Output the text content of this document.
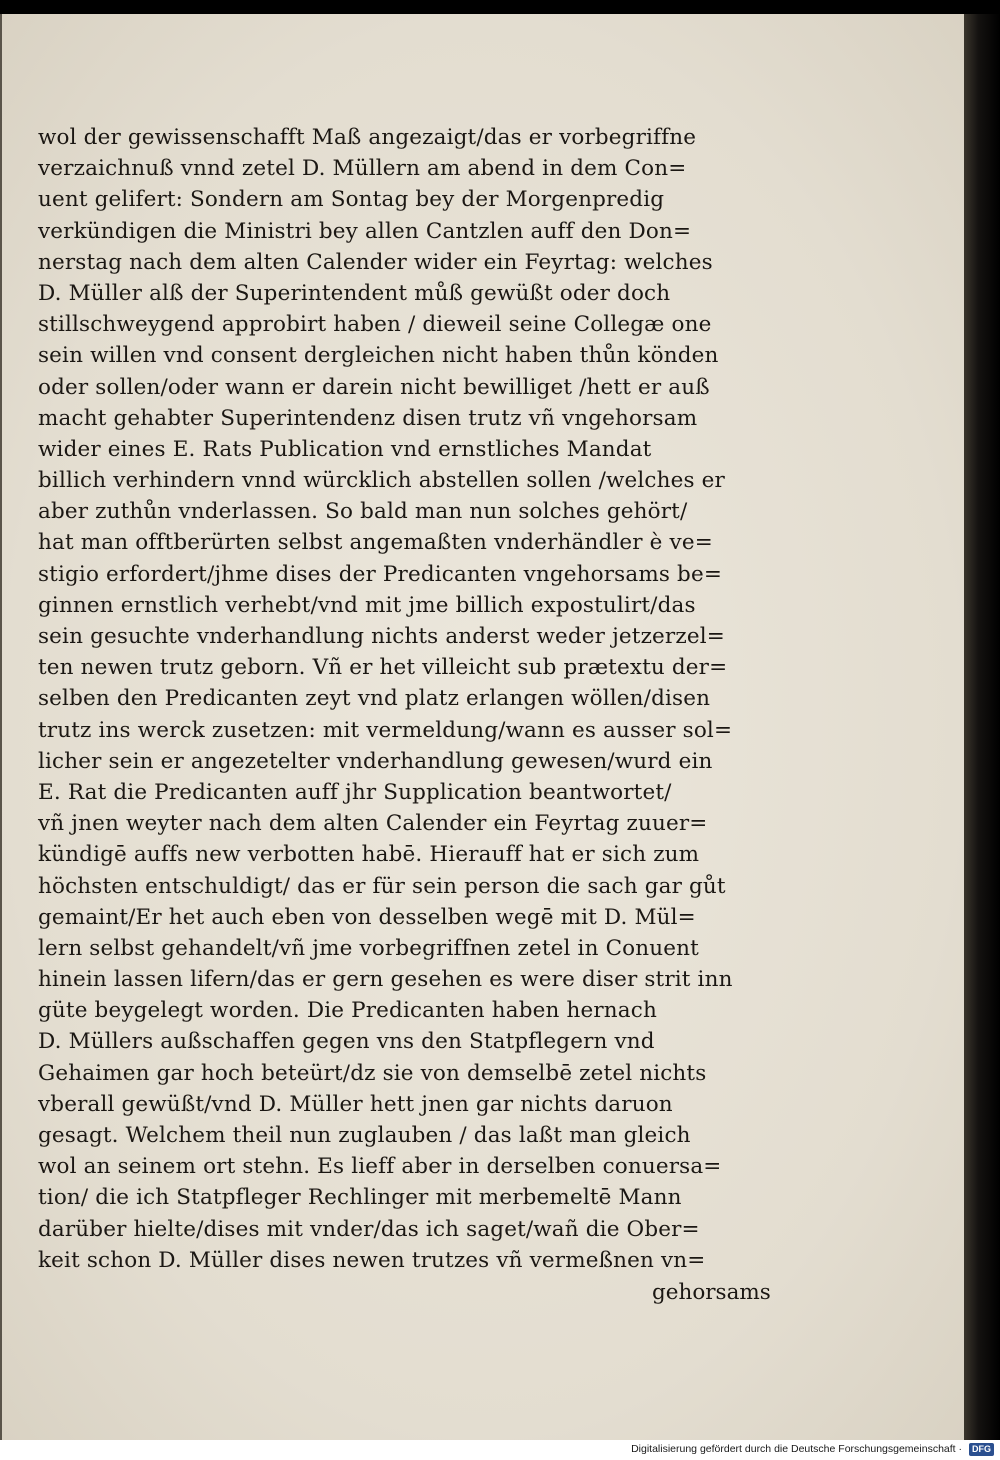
wol der gewissenschafft Maß angezaigt/das er vorbegriffne
verzaichnuß vnnd zetel D. Müllern am abend in dem Con=
uent gelifert: Sondern am Sontag bey der Morgenpredig
verkündigen die Ministri bey allen Cantzlen auff den Don=
nerstag nach dem alten Calender wider ein Feyrtag: welches
D. Müller alß der Superintendent můß gewüßt oder doch
stillschweygend approbirt haben / dieweil seine Collegæ one
sein willen vnd consent dergleichen nicht haben thůn könden
oder sollen/oder wann er darein nicht bewilliget /hett er auß
macht gehabter Superintendenz disen trutz vñ vngehorsam
wider eines E. Rats Publication vnd ernstliches Mandat
billich verhindern vnnd würcklich abstellen sollen /welches er
aber zuthůn vnderlassen. So bald man nun solches gehört/
hat man offtberürten selbst angemaßten vnderhändler è ve=
stigio erfordert/jhme dises der Predicanten vngehorsams be=
ginnen ernstlich verhebt/vnd mit jme billich expostulirt/das
sein gesuchte vnderhandlung nichts anderst weder jetzerzel=
ten newen trutz geborn. Vñ er het villeicht sub prætextu der=
selben den Predicanten zeyt vnd platz erlangen wöllen/disen
trutz ins werck zusetzen: mit vermeldung/wann es ausser sol=
licher sein er angezetelter vnderhandlung gewesen/wurd ein
E. Rat die Predicanten auff jhr Supplication beantwortet/
vñ jnen weyter nach dem alten Calender ein Feyrtag zuuer=
kündigē auffs new verbotten habē. Hierauff hat er sich zum
höchsten entschuldigt/ das er für sein person die sach gar gůt
gemaint/Er het auch eben von desselben wegē mit D. Mül=
lern selbst gehandelt/vñ jme vorbegriffnen zetel in Conuent
hinein lassen lifern/das er gern gesehen es were diser strit inn
güte beygelegt worden. Die Predicanten haben hernach
D. Müllers außschaffen gegen vns den Statpflegern vnd
Gehaimen gar hoch beteürt/dz sie von demselbē zetel nichts
vberall gewüßt/vnd D. Müller hett jnen gar nichts daruon
gesagt. Welchem theil nun zuglauben / das laßt man gleich
wol an seinem ort stehn. Es lieff aber in derselben conuersa=
tion/ die ich Statpfleger Rechlinger mit merbemeltē Mann
darüber hielte/dises mit vnder/das ich saget/wañ die Ober=
keit schon D. Müller dises newen trutzes vñ vermeßnen vn=
gehorsams
Digitalisierung gefördert durch die Deutsche Forschungsgemeinschaft ·	DFG
